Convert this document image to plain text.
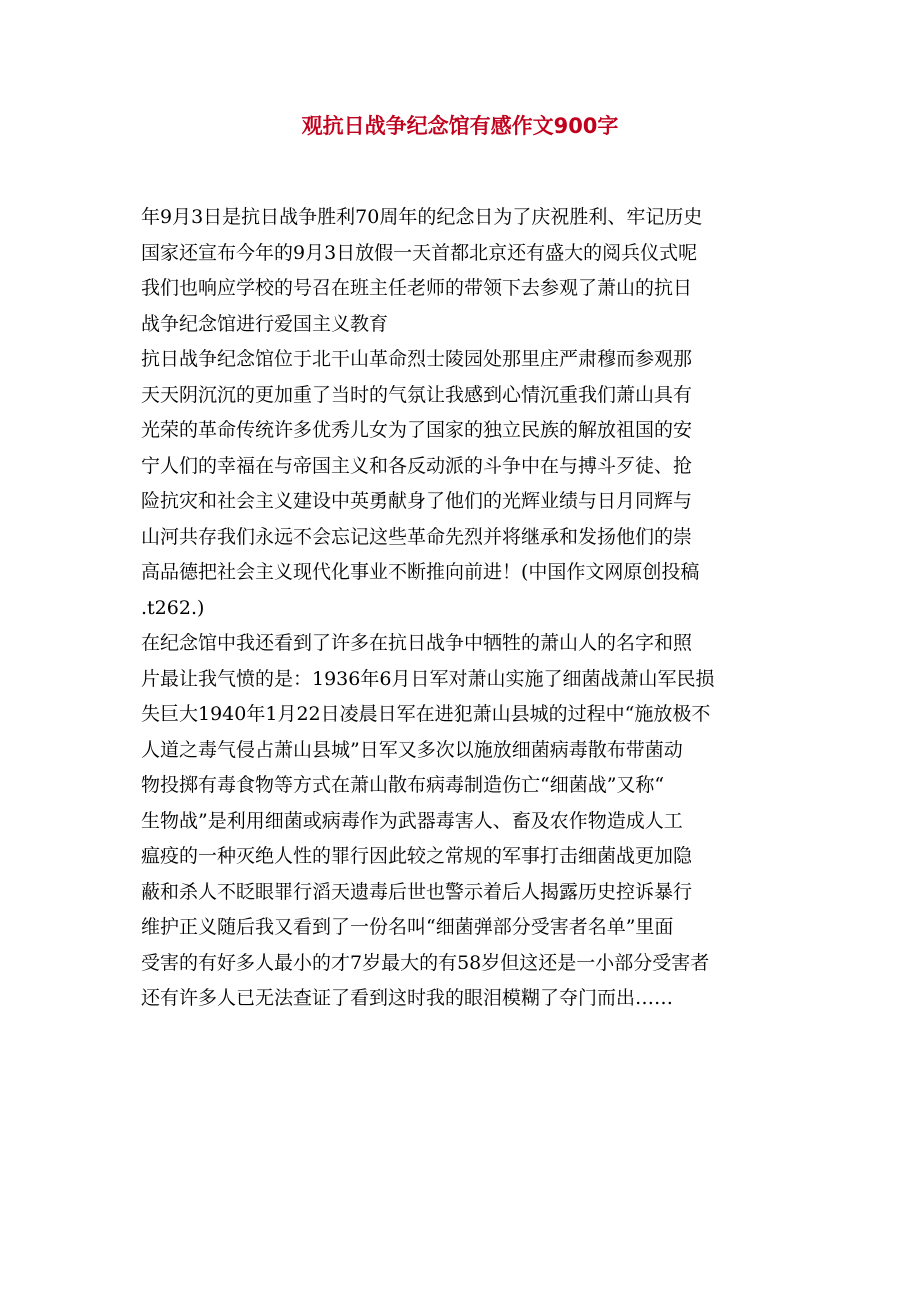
观抗日战争纪念馆有感作文900字
年9月3日是抗日战争胜利70周年的纪念日为了庆祝胜利、牢记历史
国家还宣布今年的9月3日放假一天首都北京还有盛大的阅兵仪式呢
我们也响应学校的号召在班主任老师的带领下去参观了萧山的抗日
战争纪念馆进行爱国主义教育
抗日战争纪念馆位于北干山革命烈士陵园处那里庄严肃穆而参观那
天天阴沉沉的更加重了当时的气氛让我感到心情沉重我们萧山具有
光荣的革命传统许多优秀儿女为了国家的独立民族的解放祖国的安
宁人们的幸福在与帝国主义和各反动派的斗争中在与搏斗歹徒、抢
险抗灾和社会主义建设中英勇献身了他们的光辉业绩与日月同辉与
山河共存我们永远不会忘记这些革命先烈并将继承和发扬他们的崇
高品德把社会主义现代化事业不断推向前进！(中国作文网原创投稿
.t262.)
在纪念馆中我还看到了许多在抗日战争中牺牲的萧山人的名字和照
片最让我气愤的是：1936年6月日军对萧山实施了细菌战萧山军民损
失巨大1940年1月22日凌晨日军在进犯萧山县城的过程中“施放极不
人道之毒气侵占萧山县城”日军又多次以施放细菌病毒散布带菌动
物投掷有毒食物等方式在萧山散布病毒制造伤亡“细菌战”又称“
生物战”是利用细菌或病毒作为武器毒害人、畜及农作物造成人工
瘟疫的一种灭绝人性的罪行因此较之常规的军事打击细菌战更加隐
蔽和杀人不眨眼罪行滔天遗毒后世也警示着后人揭露历史控诉暴行
维护正义随后我又看到了一份名叫“细菌弹部分受害者名单”里面
受害的有好多人最小的才7岁最大的有58岁但这还是一小部分受害者
还有许多人已无法查证了看到这时我的眼泪模糊了夺门而出……
